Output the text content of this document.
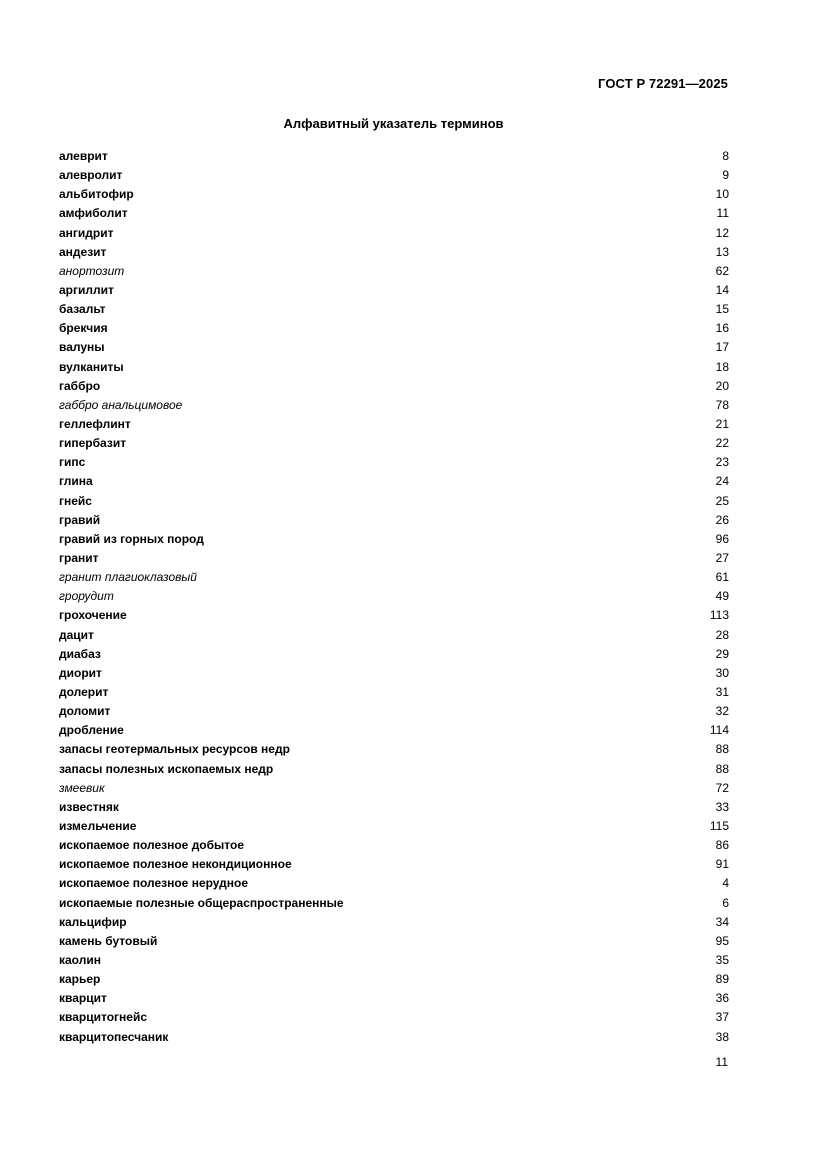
ГОСТ Р 72291—2025
Алфавитный указатель терминов
алеврит	8
алевролит	9
альбитофир	10
амфиболит	11
ангидрит	12
андезит	13
анортозит	62
аргиллит	14
базальт	15
брекчия	16
валуны	17
вулканиты	18
габбро	20
габбро анальцимовое	78
геллефлинт	21
гипербазит	22
гипс	23
глина	24
гнейс	25
гравий	26
гравий из горных пород	96
гранит	27
гранит плагиоклазовый	61
грорудит	49
грохочение	113
дацит	28
диабаз	29
диорит	30
долерит	31
доломит	32
дробление	114
запасы геотермальных ресурсов недр	88
запасы полезных ископаемых недр	88
змеевик	72
известняк	33
измельчение	115
ископаемое полезное добытое	86
ископаемое полезное некондиционное	91
ископаемое полезное нерудное	4
ископаемые полезные общераспространенные	6
кальцифир	34
камень бутовый	95
каолин	35
карьер	89
кварцит	36
кварцитогнейс	37
кварцитопесчаник	38
11
